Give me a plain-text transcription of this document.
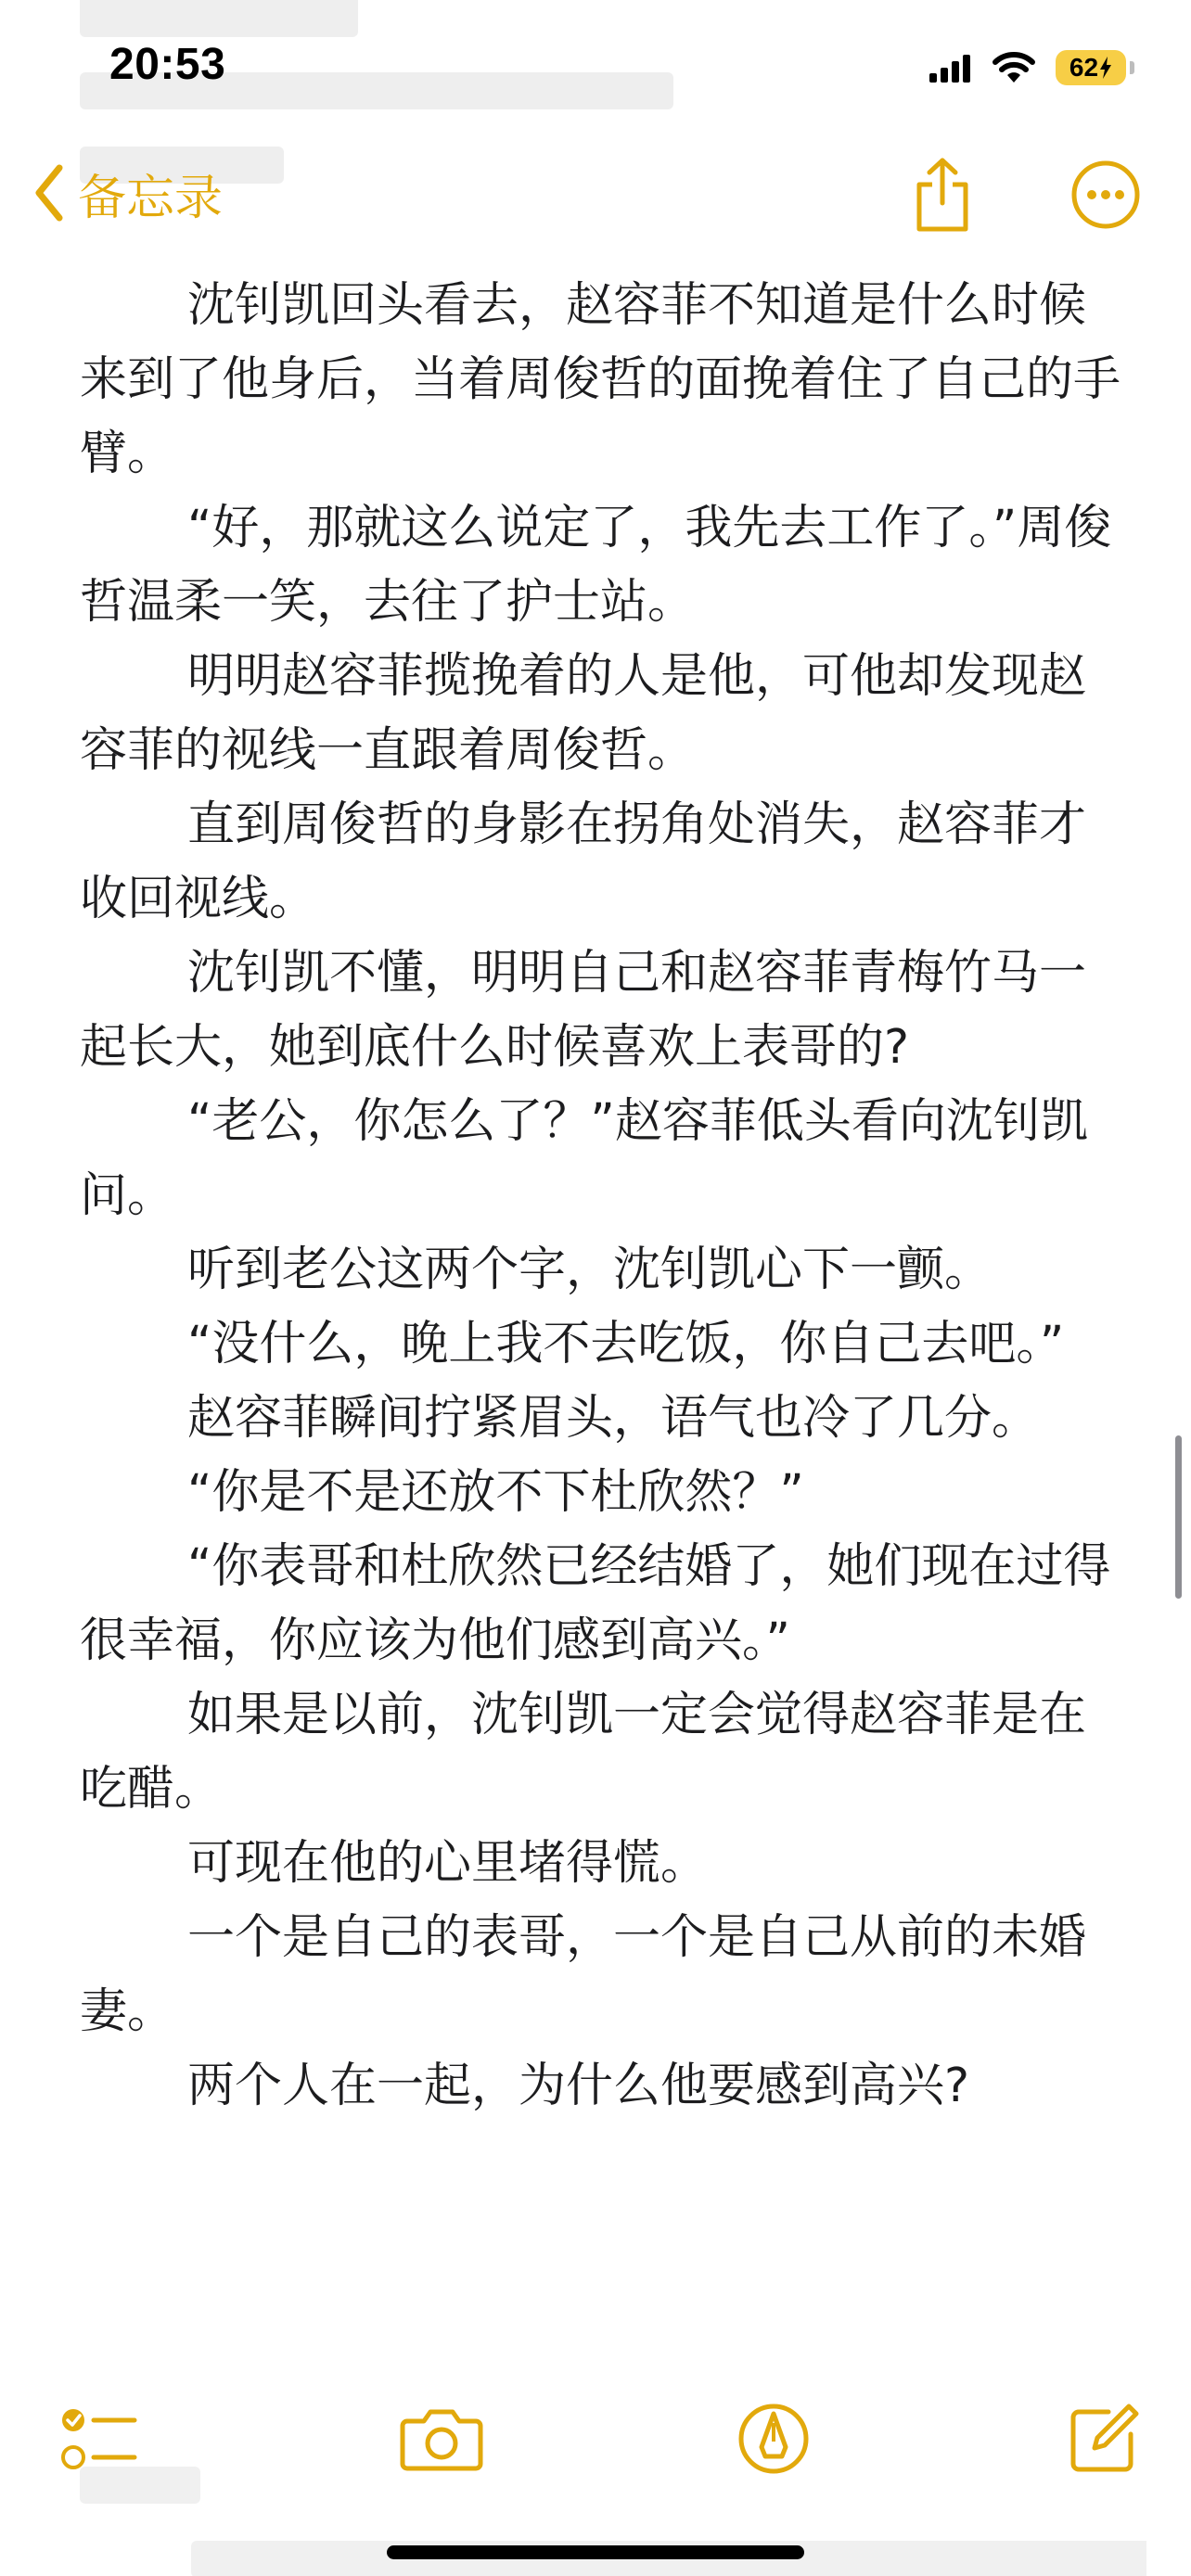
20:53	62
备忘录

沈钊凯回头看去，赵容菲不知道是什么时候来到了他身后，当着周俊哲的面挽着住了自己的手臂。

“好，那就这么说定了，我先去工作了。”周俊哲温柔一笑，去往了护士站。

明明赵容菲揽挽着的人是他，可他却发现赵容菲的视线一直跟着周俊哲。

直到周俊哲的身影在拐角处消失，赵容菲才收回视线。

沈钊凯不懂，明明自己和赵容菲青梅竹马一起长大，她到底什么时候喜欢上表哥的?

“老公，你怎么了？”赵容菲低头看向沈钊凯问。

听到老公这两个字，沈钊凯心下一颤。

“没什么，晚上我不去吃饭，你自己去吧。”

赵容菲瞬间拧紧眉头，语气也冷了几分。

“你是不是还放不下杜欣然？”

“你表哥和杜欣然已经结婚了，她们现在过得很幸福，你应该为他们感到高兴。”

如果是以前，沈钊凯一定会觉得赵容菲是在吃醋。

可现在他的心里堵得慌。

一个是自己的表哥，一个是自己从前的未婚妻。

两个人在一起，为什么他要感到高兴?
